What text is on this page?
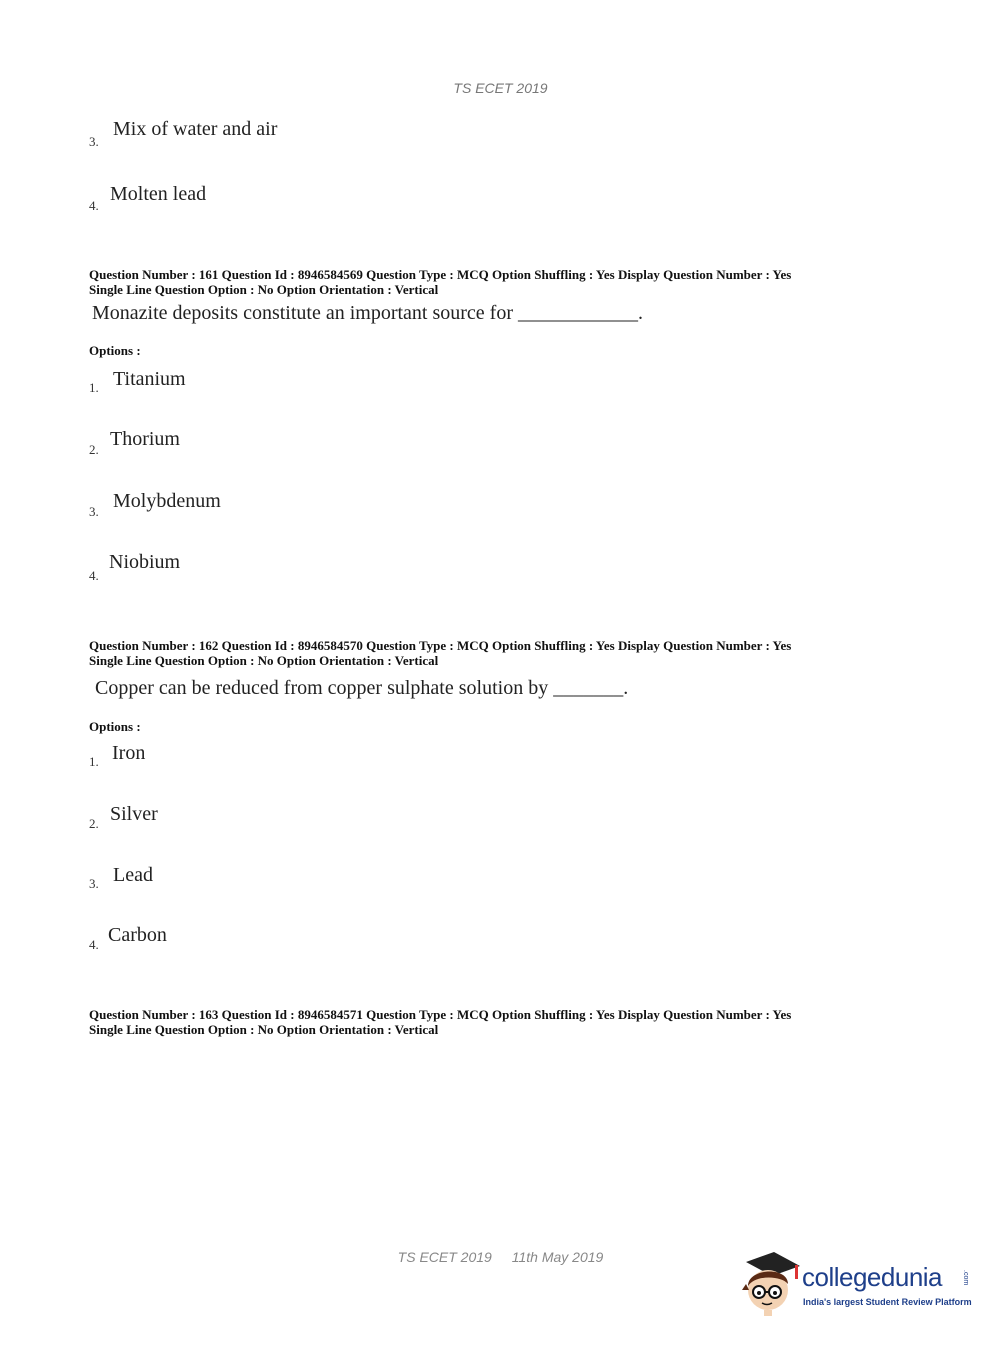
TS ECET 2019
3.
Mix of water and air
4.
Molten lead
Question Number : 161 Question Id : 8946584569 Question Type : MCQ Option Shuffling : Yes Display Question Number : Yes
Single Line Question Option : No Option Orientation : Vertical
Monazite deposits constitute an important source for ____________.
Options :
1. Titanium
2. Thorium
3. Molybdenum
4.
Niobium
Question Number : 162 Question Id : 8946584570 Question Type : MCQ Option Shuffling : Yes Display Question Number : Yes
Single Line Question Option : No Option Orientation : Vertical
Copper can be reduced from copper sulphate solution by _______.
Options :
1. Iron
2. Silver
3. Lead
4. Carbon
Question Number : 163 Question Id : 8946584571 Question Type : MCQ Option Shuffling : Yes Display Question Number : Yes
Single Line Question Option : No Option Orientation : Vertical
TS ECET 2019 11th May 2019
collegedunia	.com
India's largest Student Review Platform
